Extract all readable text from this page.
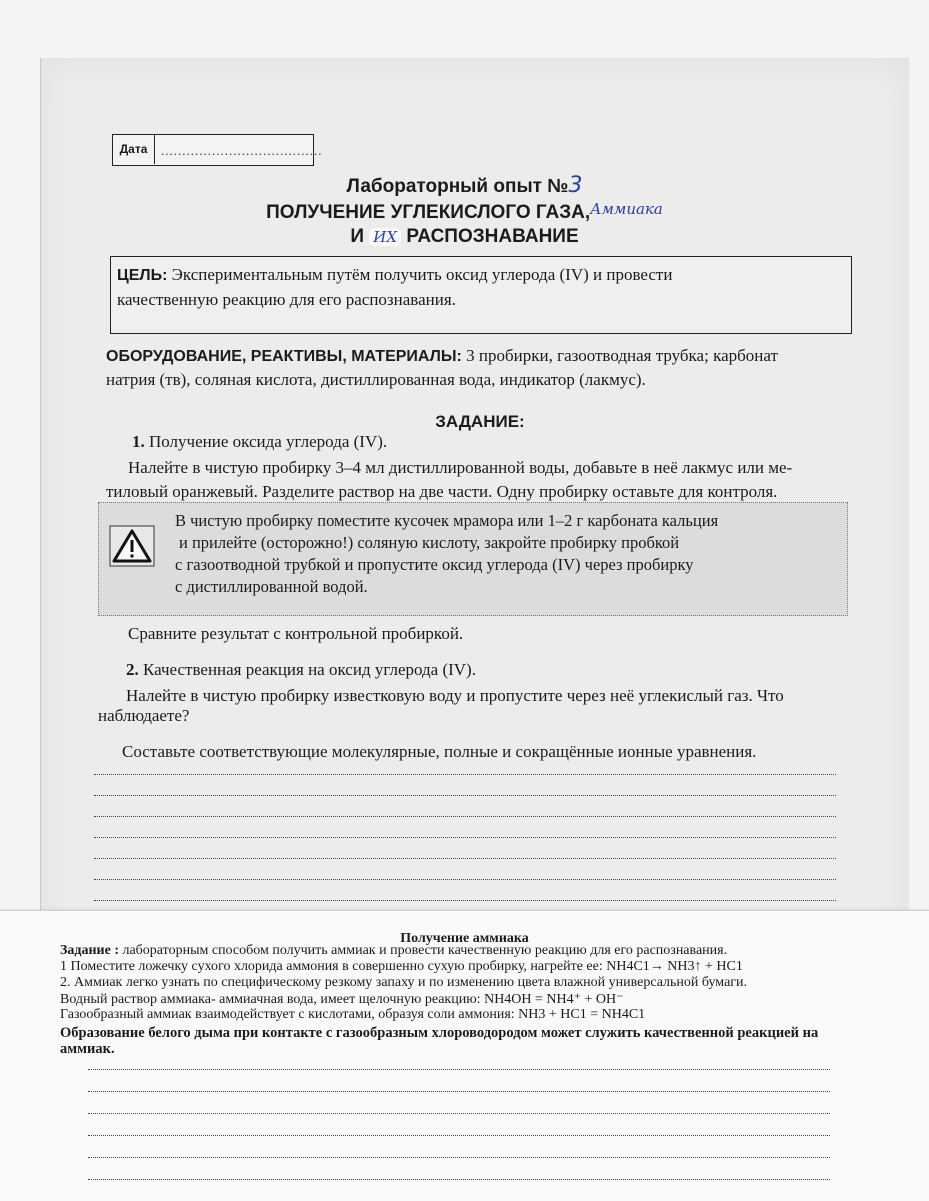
Дата	......................................
Лабораторный опыт №3
ПОЛУЧЕНИЕ УГЛЕКИСЛОГО ГАЗА,$^{Аммиака}$
И ИХ РАСПОЗНАВАНИЕ
ЦЕЛЬ: Экспериментальным путём получить оксид углерода (IV) и провести
качественную реакцию для его распознавания.
ОБОРУДОВАНИЕ, РЕАКТИВЫ, МАТЕРИАЛЫ: 3 пробирки, газоотводная трубка; карбонат
натрия (тв), соляная кислота, дистиллированная вода, индикатор (лакмус).
ЗАДАНИЕ:
1. Получение оксида углерода (IV).
Налейте в чистую пробирку 3–4 мл дистиллированной воды, добавьте в неё лакмус или ме-
тиловый оранжевый. Разделите раствор на две части. Одну пробирку оставьте для контроля.
В чистую пробирку поместите кусочек мрамора или 1–2 г карбоната кальция
и прилейте (осторожно!) соляную кислоту, закройте пробирку пробкой
с газоотводной трубкой и пропустите оксид углерода (IV) через пробирку
с дистиллированной водой.
Сравните результат с контрольной пробиркой.
2. Качественная реакция на оксид углерода (IV).
Налейте в чистую пробирку известковую воду и пропустите через неё углекислый газ. Что
наблюдаете?
Составьте соответствующие молекулярные, полные и сокращённые ионные уравнения.
Получение аммиака
Задание : лабораторным способом получить аммиак и провести качественную реакцию для его распознавания.
1 Поместите ложечку сухого хлорида аммония в совершенно сухую пробирку, нагрейте ее: NH4C1→ NH3↑ + HC1
2. Аммиак легко узнать по специфическому резкому запаху и по изменению цвета влажной универсальной бумаги.
Водный раствор аммиака- аммиачная вода, имеет щелочную реакцию: NH4OH = NH4⁺ + OH⁻
Газообразный аммиак взаимодействует с кислотами, образуя соли аммония: NH3 + HC1 = NH4C1
Образование белого дыма при контакте с газообразным хлороводородом может служить качественной реакцией на
аммиак.
